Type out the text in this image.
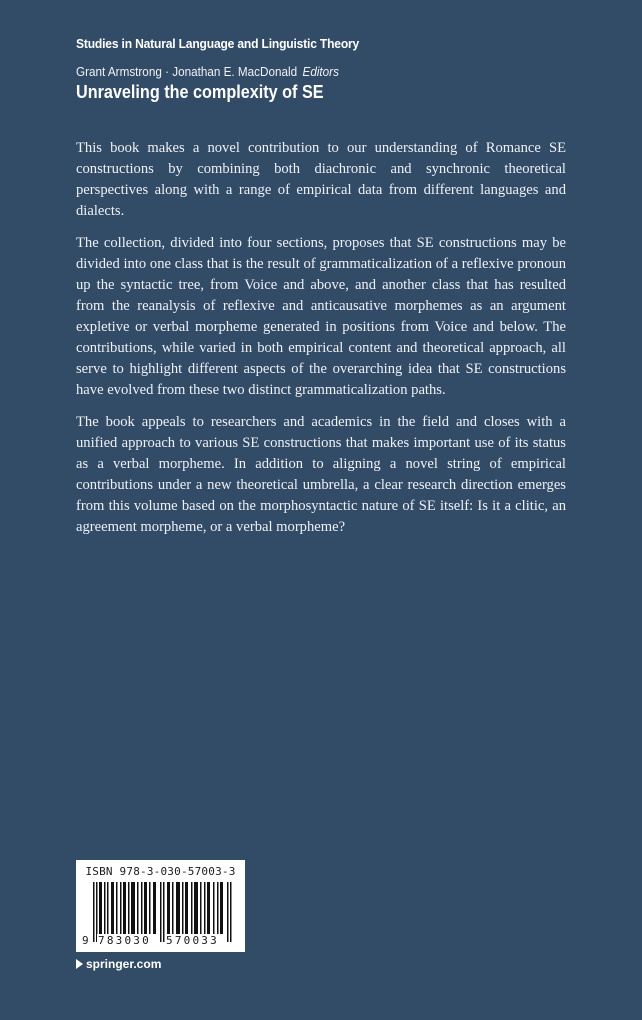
Studies in Natural Language and Linguistic Theory
Grant Armstrong · Jonathan E. MacDonald Editors
Unraveling the complexity of SE

This book makes a novel contribution to our understanding of Romance SE constructions by combining both diachronic and synchronic theoretical perspectives along with a range of empirical data from different languages and dialects.

The collection, divided into four sections, proposes that SE constructions may be divided into one class that is the result of grammaticalization of a reflexive pronoun up the syntactic tree, from Voice and above, and another class that has resulted from the reanalysis of reflexive and anticausative morphemes as an argument expletive or verbal morpheme generated in positions from Voice and below. The contributions, while varied in both empirical content and theoretical approach, all serve to highlight different aspects of the overarching idea that SE constructions have evolved from these two distinct grammaticalization paths.

The book appeals to researchers and academics in the field and closes with a unified approach to various SE constructions that makes important use of its status as a verbal morpheme. In addition to aligning a novel string of empirical contributions under a new theoretical umbrella, a clear research direction emerges from this volume based on the morphosyntactic nature of SE itself: Is it a clitic, an agreement morpheme, or a verbal morpheme?

ISBN 978-3-030-57003-3
9 783030 570033
springer.com
